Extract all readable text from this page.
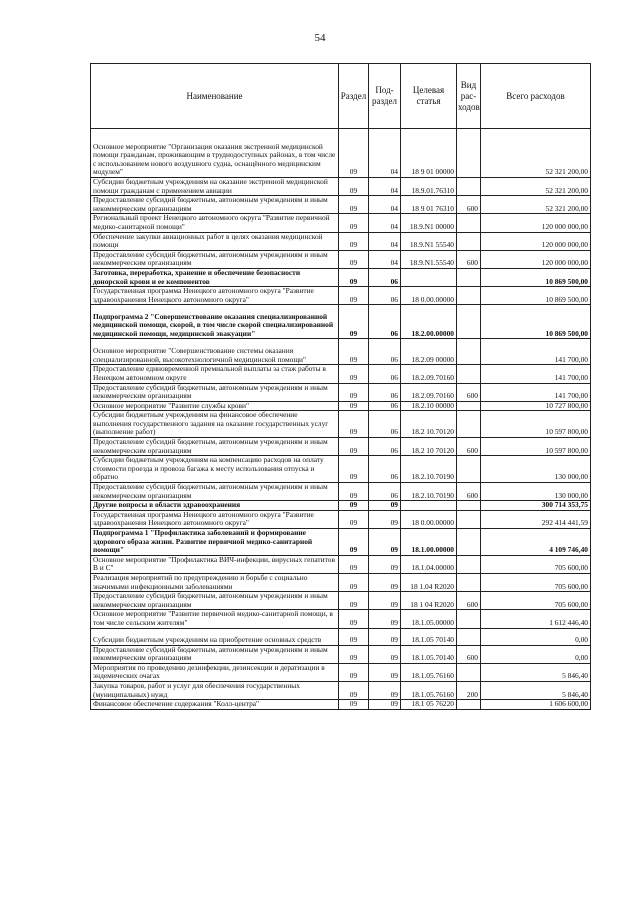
54
Наименование	Раздел	Под-раздел	Целевая статья	Вид рас-ходов	Всего расходов
Основное мероприятие "Организация оказания экстренной медицинской помощи гражданам, проживающим в труднодоступных районах, в том числе с использованием нового воздушного судна, оснащённого медицинским модулем"	09	04	18 9 01 00000		52 321 200,00
Субсидии бюджетным учреждениям на оказание экстренной медицинской помощи гражданам с применением авиации	09	04	18.9.01.76310		52 321 200,00
Предоставление субсидий бюджетным, автономным учреждениям и иным некоммерческим организациям	09	04	18 9 01 76310	600	52 321 200,00
Региональный проект Ненецкого автономного округа "Развитие первичной медико-санитарной помощи"	09	04	18.9.N1 00000		120 000 000,00
Обеспечение закупки авиационных работ в целях оказания медицинской помощи	09	04	18.9.N1 55540		120 000 000,00
Предоставление субсидий бюджетным, автономным учреждениям и иным некоммерческим организациям	09	04	18.9.N1.55540	600	120 000 000,00
Заготовка, переработка, хранение и обеспечение безопасности донорской крови и ее компонентов	09	06			10 869 500,00
Государственная программа Ненецкого автономного округа "Развитие здравоохранения Ненецкого автономного округа"	09	06	18 0.00.00000		10 869 500,00
Подпрограмма 2 "Совершенствование оказания специализированной медицинской помощи, скорой, в том числе скорой специализированной медицинской помощи, медицинской эвакуации"	09	06	18.2.00.00000		10 869 500,00
Основное мероприятие "Совершенствование системы оказания специализированной, высокотехнологичной медицинской помощи"	09	06	18.2.09 00000		141 700,00
Предоставление единовременной премиальной выплаты за стаж работы в Ненецком автономном округе	09	06	18.2.09.70160		141 700,00
Предоставление субсидий бюджетным, автономным учреждениям и иным некоммерческим организациям	09	06	18.2.09.70160	600	141 700,00
Основное мероприятие "Развитие службы крови"	09	06	18.2.10 00000		10 727 800,00
Субсидии бюджетным учреждениям на финансовое обеспечение выполнения государственного задания на оказание государственных услуг (выполнение работ)	09	06	18.2 10.70120		10 597 800,00
Предоставление субсидий бюджетным, автономным учреждениям и иным некоммерческим организациям	09	06	18.2 10 70120	600	10 597 800,00
Субсидии бюджетным учреждениям на компенсацию расходов на оплату стоимости проезда и провоза багажа к месту использования отпуска и обратно	09	06	18.2.10.70190		130 000,00
Предоставление субсидий бюджетным, автономным учреждениям и иным некоммерческим организациям	09	06	18.2.10.70190	600	130 000,00
Другие вопросы в области здравоохранения	09	09			300 714 353,75
Государственная программа Ненецкого автономного округа "Развитие здравоохранения Ненецкого автономного округа"	09	09	18 0.00.00000		292 414 441,59
Подпрограмма 1 "Профилактика заболеваний и формирование здорового образа жизни. Развитие первичной медико-санитарной помощи"	09	09	18.1.00.00000		4 109 746,40
Основное мероприятие "Профилактика ВИЧ-инфекции, вирусных гепатитов В и С"	09	09	18.1.04.00000		705 600,00
Реализация мероприятий по предупреждению и борьбе с социально значимыми инфекционными заболеваниями	09	09	18 1.04 R2020		705 600,00
Предоставление субсидий бюджетным, автономным учреждениям и иным некоммерческим организациям	09	09	18 1 04 R2020	600	705 600,00
Основное мероприятие "Развитие первичной медико-санитарной помощи, в том числе сельским жителям"	09	09	18.1.05.00000		1 612 446,40
Субсидии бюджетным учреждениям на приобретение основных средств	09	09	18.1.05 70140		0,00
Предоставление субсидий бюджетным, автономным учреждениям и иным некоммерческим организациям	09	09	18.1.05.70140	600	0,00
Мероприятия по проведению дезинфекции, дезинсекции и дератизации в эндемических очагах	09	09	18.1.05.76160		5 846,40
Закупка товаров, работ и услуг для обеспечения государственных (муниципальных) нужд	09	09	18.1.05.76160	200	5 846,40
Финансовое обеспечение содержания "Колл-центра"	09	09	18.1 05 76220		1 606 600,00
